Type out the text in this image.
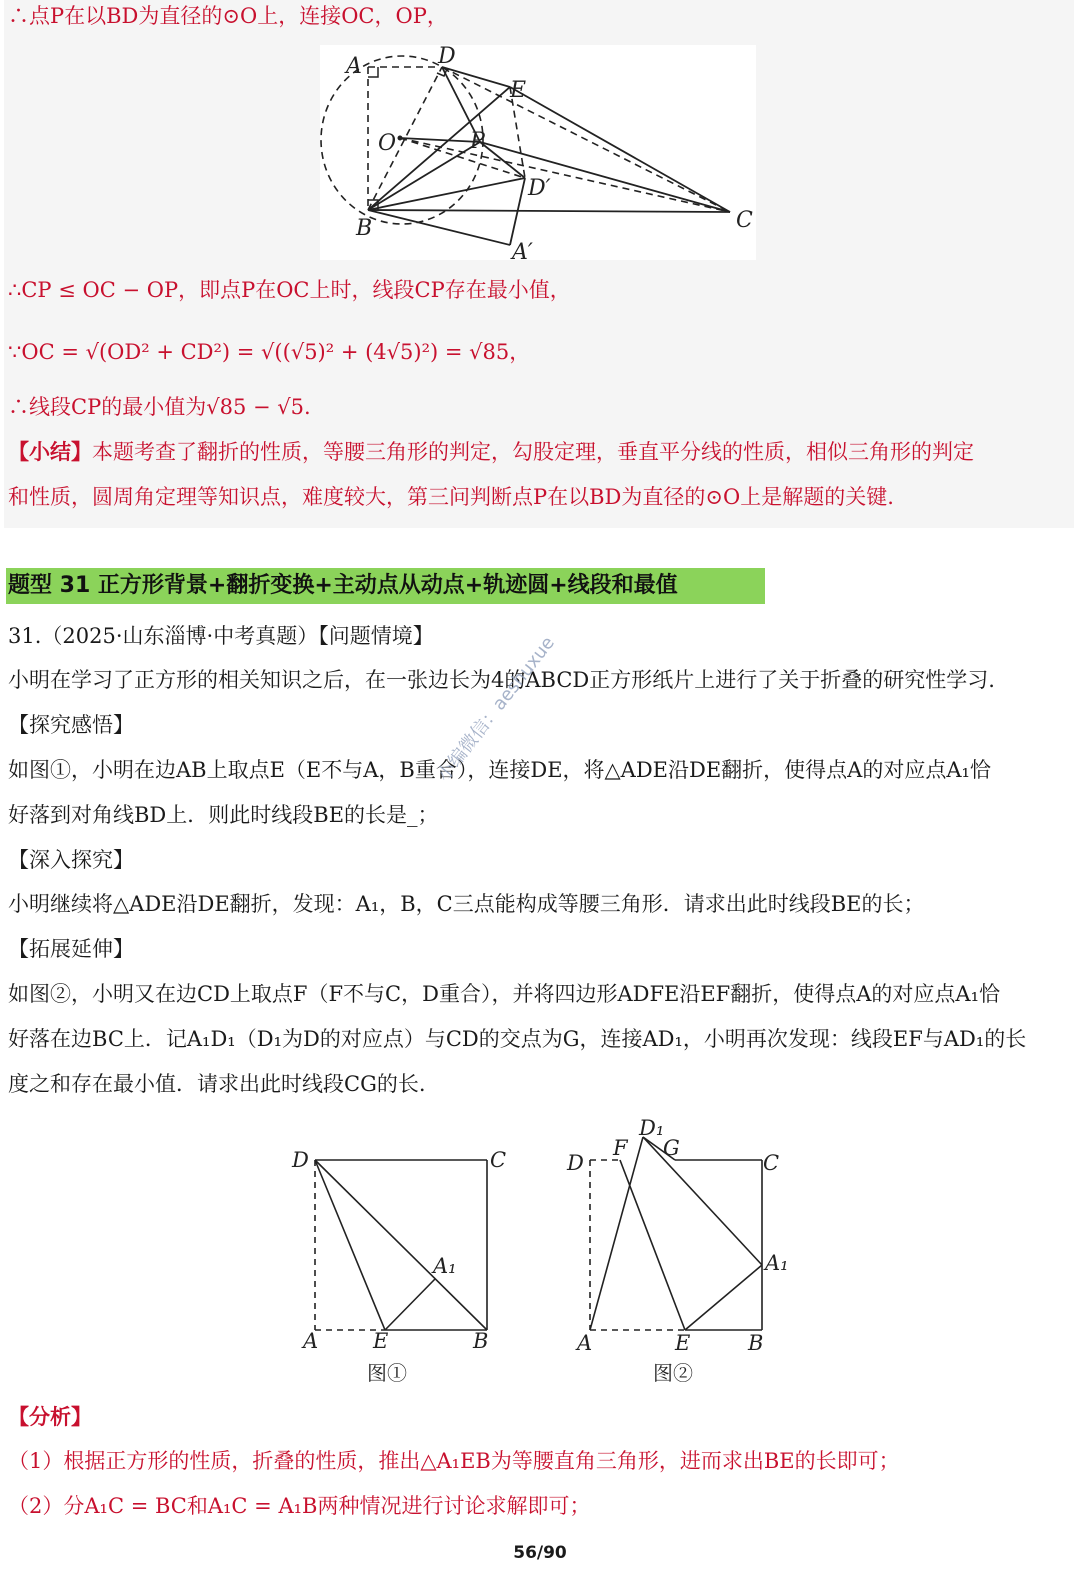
∴点P在以BD为直径的⊙O上，连接OC，OP，
A	D
E
O	P
D′
B	C
A′
∴CP ≤ OC − OP，即点P在OC上时，线段CP存在最小值，
∵OC = √(OD² + CD²) = √((√5)² + (4√5)²) = √85，
∴线段CP的最小值为√85 − √5.
【小结】本题考查了翻折的性质，等腰三角形的判定，勾股定理，垂直平分线的性质，相似三角形的判定
和性质，圆周角定理等知识点，难度较大，第三问判断点P在以BD为直径的⊙O上是解题的关键.
题型 31 正方形背景+翻折变换+主动点从动点+轨迹圆+线段和最值
31.（2025·山东淄博·中考真题）【问题情境】
小明在学习了正方形的相关知识之后，在一张边长为4的ABCD正方形纸片上进行了关于折叠的研究性学习.
【探究感悟】
如图①，小明在边AB上取点E（E不与A，B重合），连接DE，将△ADE沿DE翻折，使得点A的对应点A₁恰
好落到对角线BD上．则此时线段BE的长是_；
【深入探究】
小明继续将△ADE沿DE翻折，发现：A₁，B，C三点能构成等腰三角形．请求出此时线段BE的长；
【拓展延伸】
如图②，小明又在边CD上取点F（F不与C，D重合），并将四边形ADFE沿EF翻折，使得点A的对应点A₁恰
好落在边BC上．记A₁D₁（D₁为D的对应点）与CD的交点为G，连接AD₁，小明再次发现：线段EF与AD₁的长
度之和存在最小值．请求出此时线段CG的长.
小编微信：aeshuxue
D	C
A₁
A	E	B
图①
D₁
F G
D	C
A₁
A	E	B
图②
【分析】
（1）根据正方形的性质，折叠的性质，推出△A₁EB为等腰直角三角形，进而求出BE的长即可；
（2）分A₁C = BC和A₁C = A₁B两种情况进行讨论求解即可；
56/90
